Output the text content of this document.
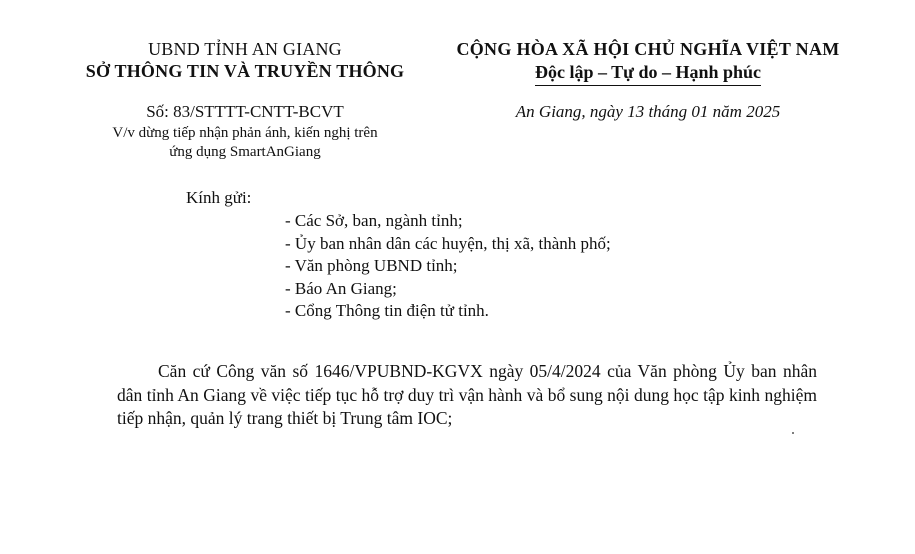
UBND TỈNH AN GIANG
SỞ THÔNG TIN VÀ TRUYỀN THÔNG
CỘNG HÒA XÃ HỘI CHỦ NGHĨA VIỆT NAM
Độc lập – Tự do – Hạnh phúc
Số: 83/STTTT-CNTT-BCVT	An Giang, ngày 13 tháng 01 năm 2025
V/v dừng tiếp nhận phản ánh, kiến nghị trên
ứng dụng SmartAnGiang
Kính gửi:
- Các Sở, ban, ngành tỉnh;
- Ủy ban nhân dân các huyện, thị xã, thành phố;
- Văn phòng UBND tỉnh;
- Báo An Giang;
- Cổng Thông tin điện tử tỉnh.
Căn cứ Công văn số 1646/VPUBND-KGVX ngày 05/4/2024 của Văn phòng Ủy ban nhân dân tỉnh An Giang về việc tiếp tục hỗ trợ duy trì vận hành và bổ sung nội dung học tập kinh nghiệm tiếp nhận, quản lý trang thiết bị Trung tâm IOC;
